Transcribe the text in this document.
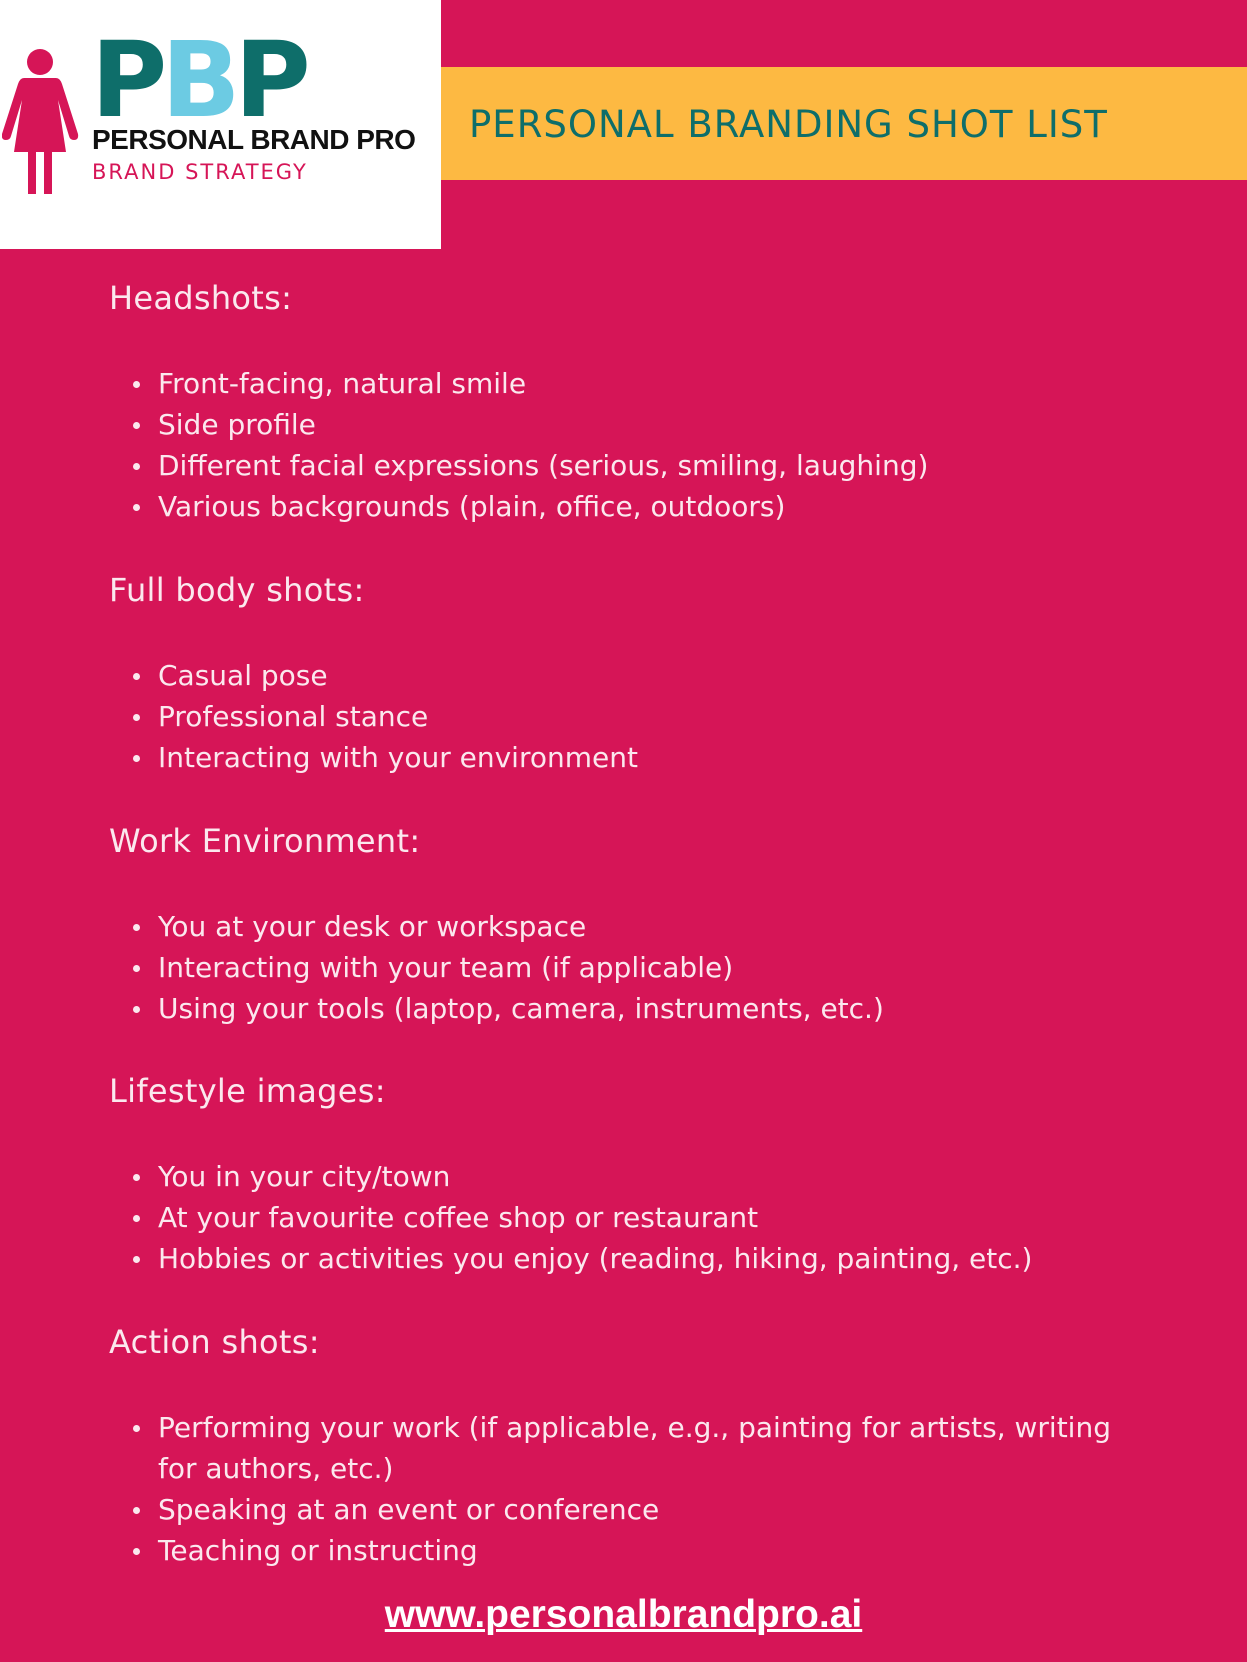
PBP
PERSONAL BRAND PRO
BRAND STRATEGY
PERSONAL BRANDING SHOT LIST
Headshots:
Front-facing, natural smile
Side profile
Different facial expressions (serious, smiling, laughing)
Various backgrounds (plain, office, outdoors)
Full body shots:
Casual pose
Professional stance
Interacting with your environment
Work Environment:
You at your desk or workspace
Interacting with your team (if applicable)
Using your tools (laptop, camera, instruments, etc.)
Lifestyle images:
You in your city/town
At your favourite coffee shop or restaurant
Hobbies or activities you enjoy (reading, hiking, painting, etc.)
Action shots:
Performing your work (if applicable, e.g., painting for artists, writing for authors, etc.)
Speaking at an event or conference
Teaching or instructing
www.personalbrandpro.ai
